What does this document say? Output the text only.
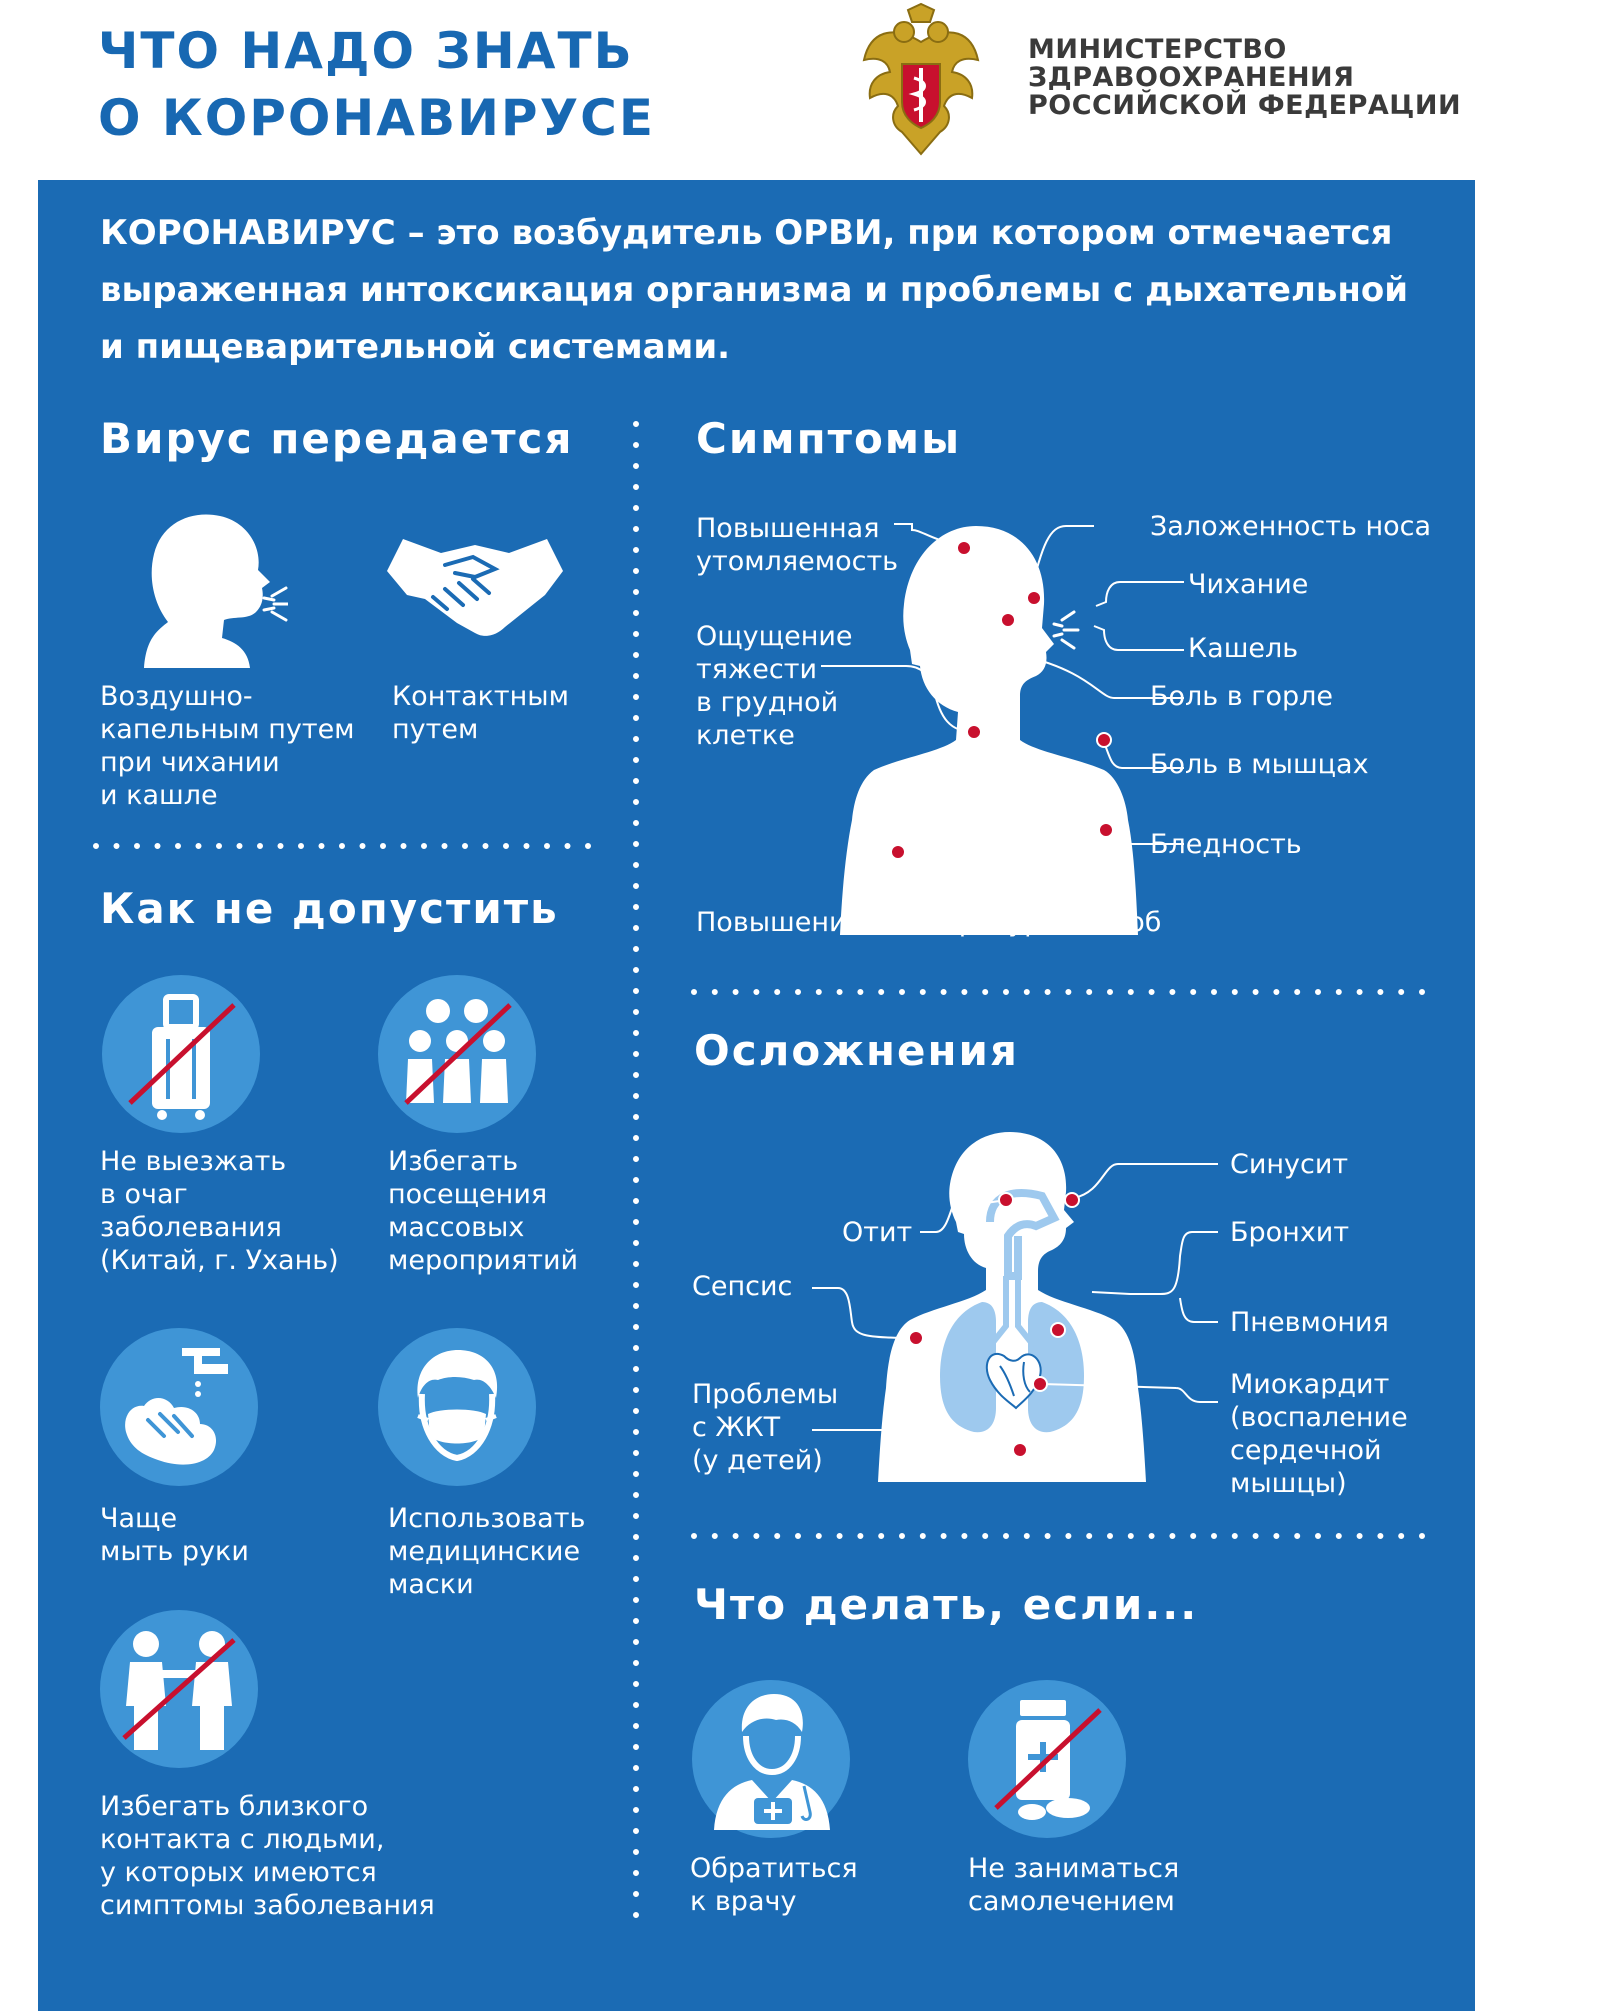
ЧТО НАДО ЗНАТЬ
О КОРОНАВИРУСЕ

МИНИСТЕРСТВО
ЗДРАВООХРАНЕНИЯ
РОССИЙСКОЙ ФЕДЕРАЦИИ

КОРОНАВИРУС – это возбудитель ОРВИ, при котором отмечается выраженная интоксикация организма и проблемы с дыхательной и пищеварительной системами.

Вирус передается

Воздушно-
капельным путем
при чихании
и кашле

Контактным
путем

Как не допустить

Не выезжать
в очаг
заболевания
(Китай, г. Ухань)

Избегать
посещения
массовых
мероприятий

Чаще
мыть руки

Использовать
медицинские
маски

Избегать близкого
контакта с людьми,
у которых имеются
симптомы заболевания

Симптомы

Повышенная
утомляемость

Ощущение
тяжести
в грудной
клетке

Заложенность носа

Чихание

Кашель

Боль в горле

Боль в мышцах

Бледность

Повышение температуры, озноб

Осложнения

Отит

Сепсис

Проблемы
с ЖКТ
(у детей)

Синусит

Бронхит

Пневмония

Миокардит
(воспаление
сердечной
мышцы)

Что делать, если...

Обратиться
к врачу

Не заниматься
самолечением
